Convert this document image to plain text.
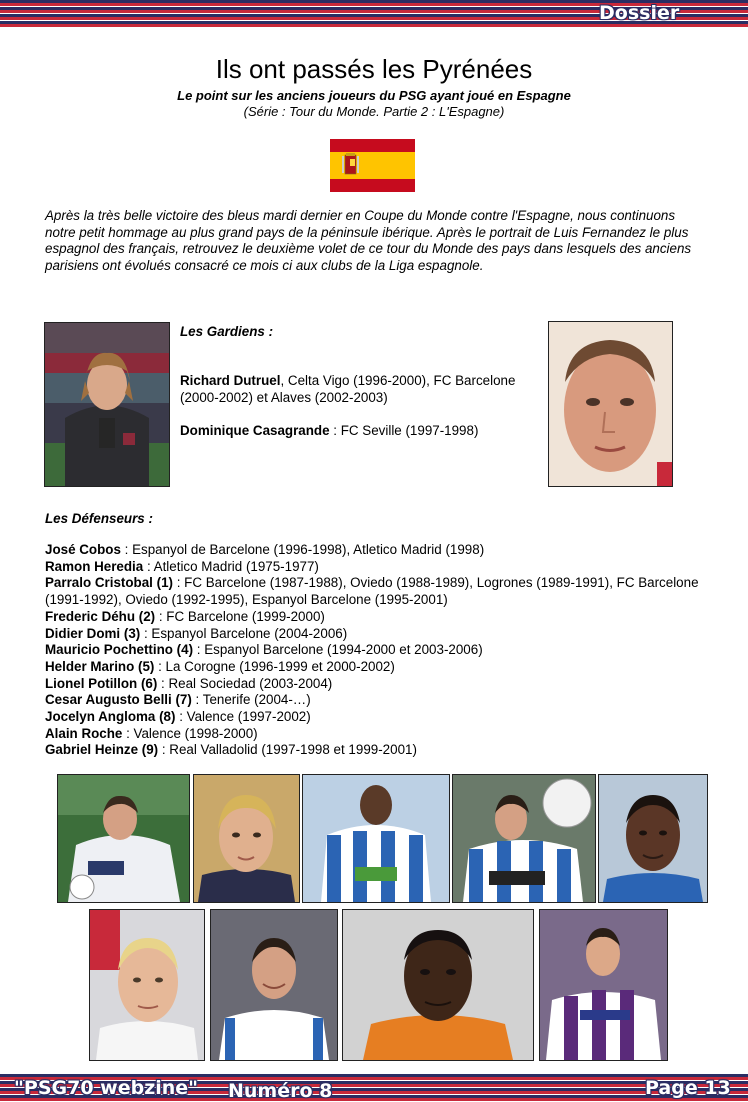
Dossier
Ils ont passés les Pyrénées
Le point sur les anciens joueurs du PSG ayant joué en Espagne
(Série : Tour du Monde. Partie 2 : L'Espagne)
Après la très belle victoire des bleus mardi dernier en Coupe du Monde contre l'Espagne, nous continuons notre petit hommage au plus grand pays de la péninsule ibérique. Après le portrait de Luis Fernandez le plus espagnol des français, retrouvez le deuxième volet de ce tour du Monde des pays dans lesquels des anciens parisiens ont évolués consacré ce mois ci aux clubs de la Liga espagnole.
Les Gardiens :

Richard Dutruel, Celta Vigo (1996-2000), FC Barcelone (2000-2002) et Alaves (2002-2003)

Dominique Casagrande : FC Seville (1997-1998)

Les Défenseurs :
José Cobos : Espanyol de Barcelone (1996-1998), Atletico Madrid (1998)
Ramon Heredia : Atletico Madrid (1975-1977)
Parralo Cristobal (1) : FC Barcelone (1987-1988), Oviedo (1988-1989), Logrones (1989-1991), FC Barcelone (1991-1992), Oviedo (1992-1995), Espanyol Barcelone (1995-2001)
Frederic Déhu (2) : FC Barcelone (1999-2000)
Didier Domi (3) : Espanyol Barcelone (2004-2006)
Mauricio Pochettino (4) : Espanyol Barcelone (1994-2000 et 2003-2006)
Helder Marino (5) : La Corogne (1996-1999 et 2000-2002)
Lionel Potillon (6) : Real Sociedad (2003-2004)
Cesar Augusto Belli (7) : Tenerife (2004-…)
Jocelyn Angloma (8) : Valence (1997-2002)
Alain Roche : Valence (1998-2000)
Gabriel Heinze (9) : Real Valladolid (1997-1998 et 1999-2001)
"PSG70 webzine" Numéro 8	Page 13
